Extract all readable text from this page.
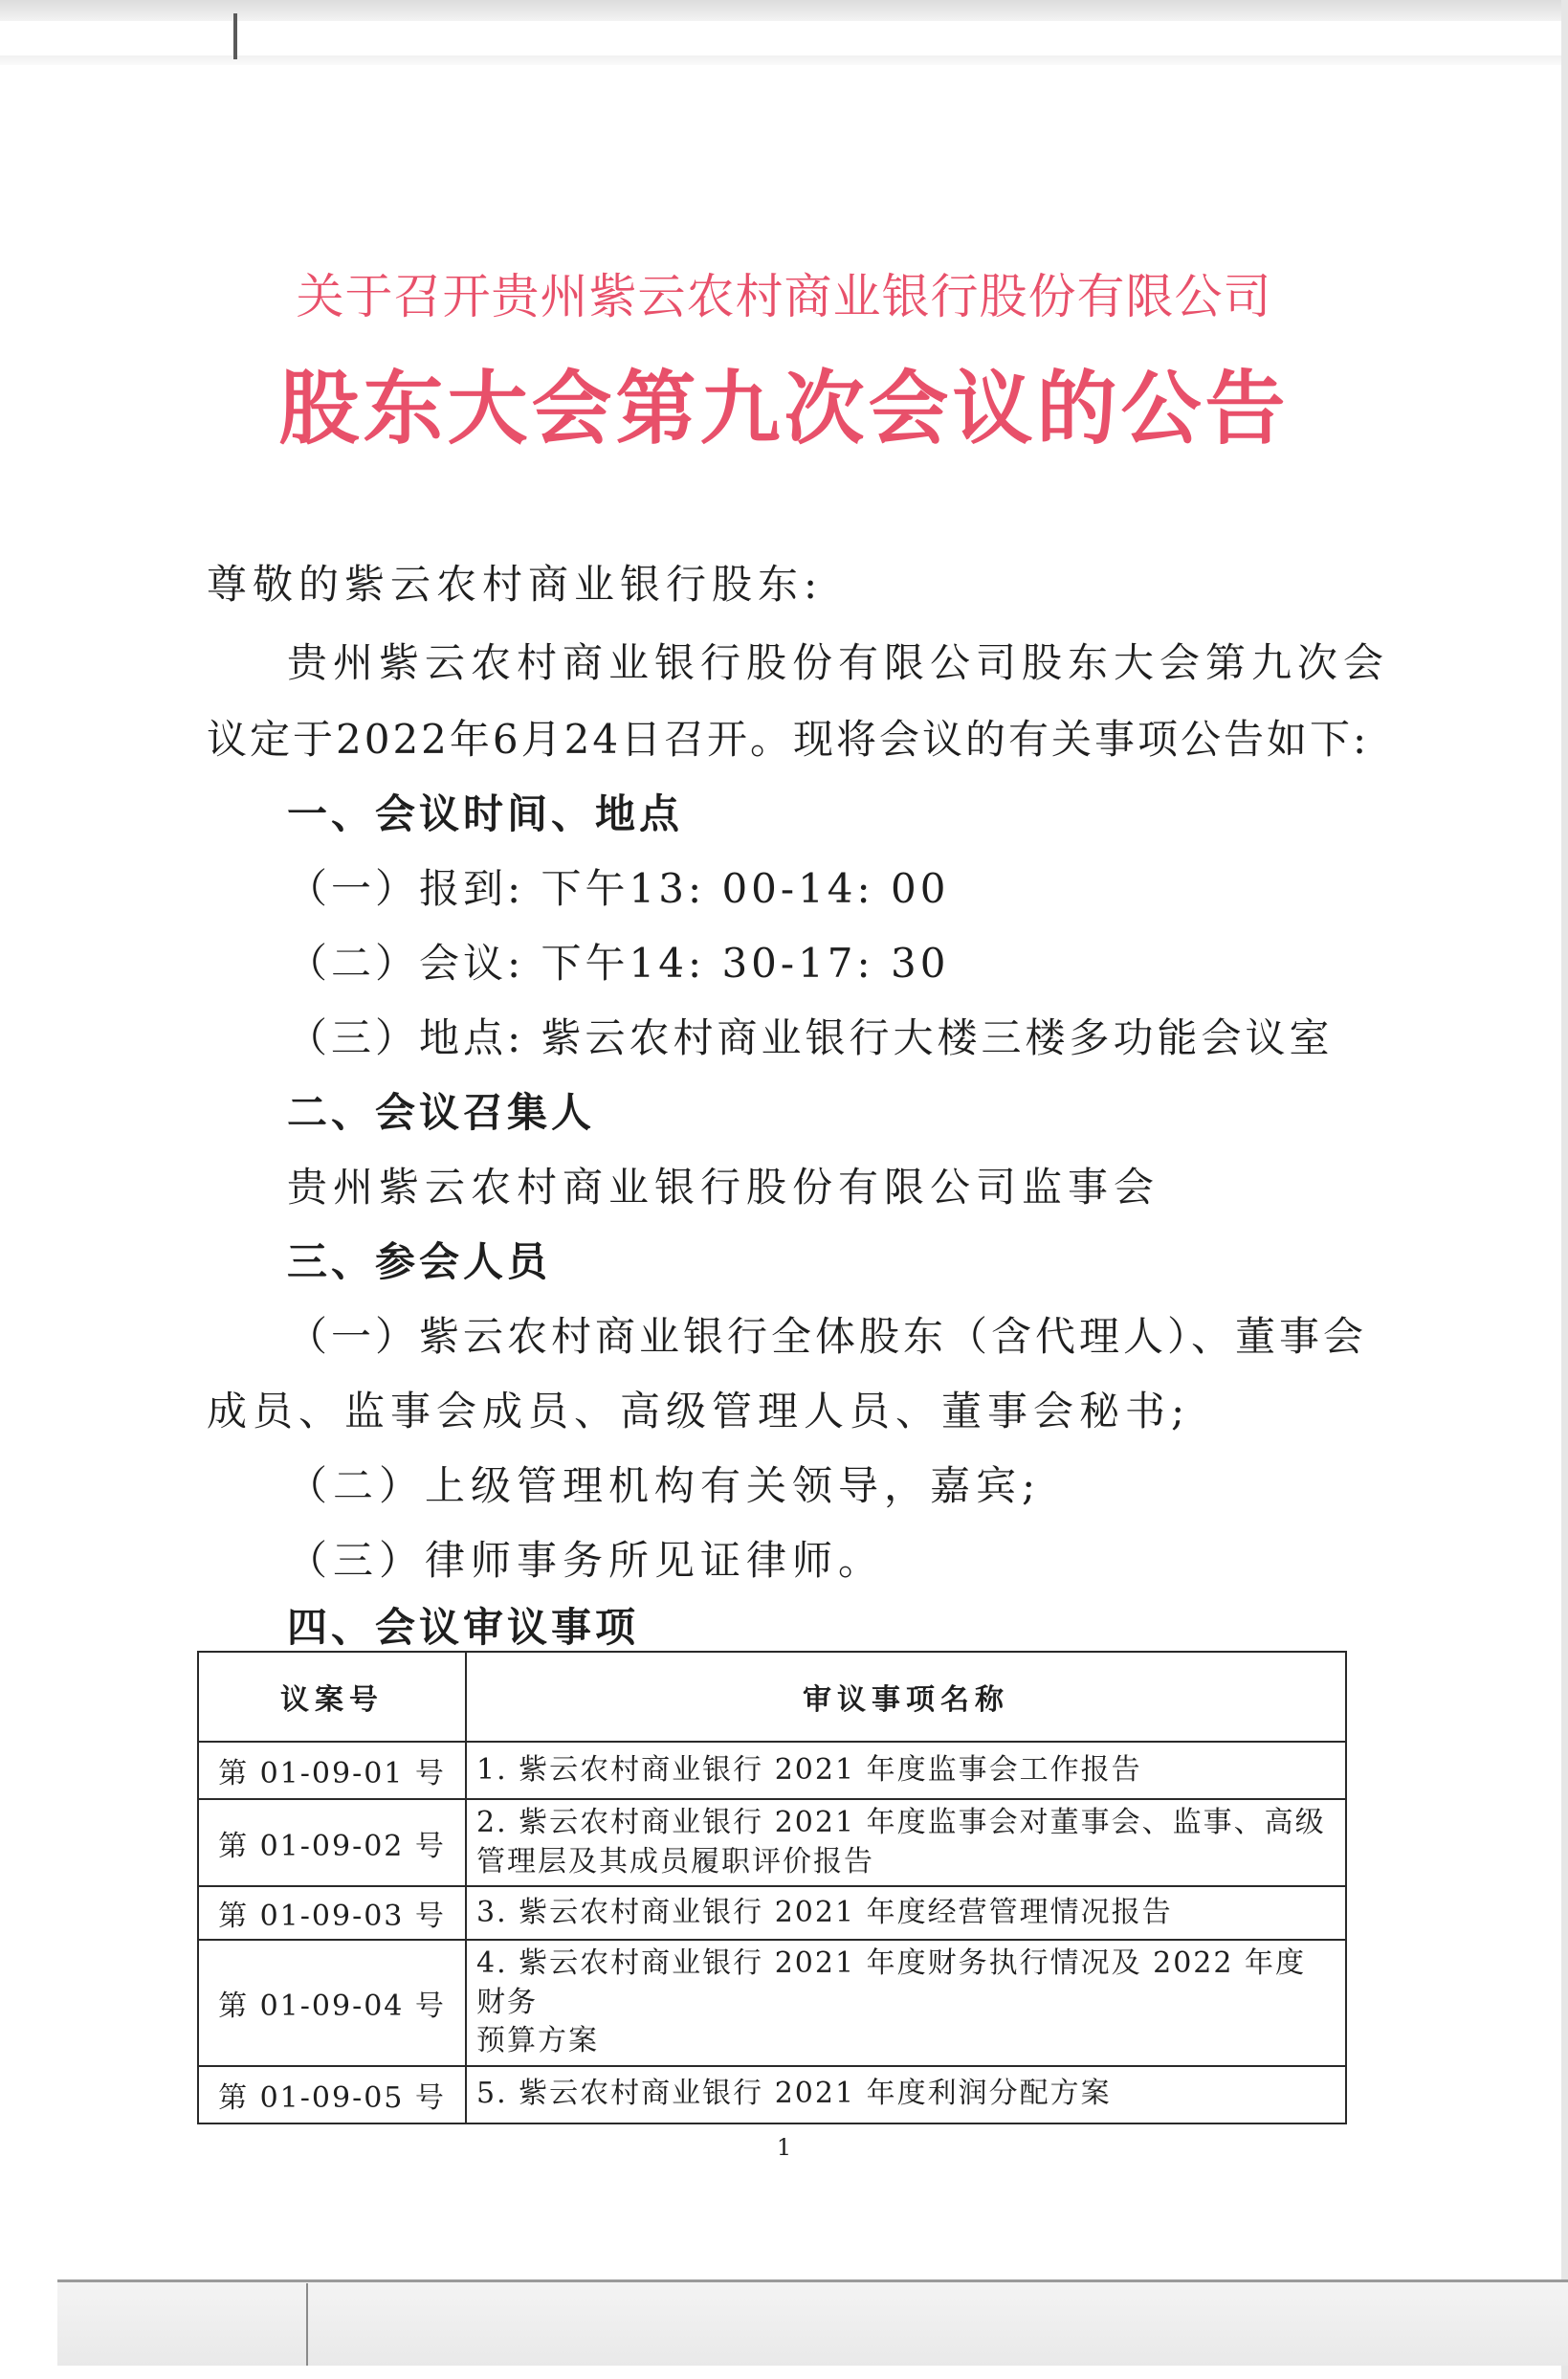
关于召开贵州紫云农村商业银行股份有限公司
股东大会第九次会议的公告
尊敬的紫云农村商业银行股东:
贵州紫云农村商业银行股份有限公司股东大会第九次会
议定于2022年6月24日召开。现将会议的有关事项公告如下:
一、会议时间、地点
（一）报到: 下午13: 00-14: 00
（二）会议: 下午14: 30-17: 30
（三）地点: 紫云农村商业银行大楼三楼多功能会议室
二、会议召集人
贵州紫云农村商业银行股份有限公司监事会
三、参会人员
（一）紫云农村商业银行全体股东（含代理人）、董事会
成员、监事会成员、高级管理人员、董事会秘书;
（二）上级管理机构有关领导，嘉宾;
（三）律师事务所见证律师。
四、会议审议事项
议案号	审议事项名称
第 01-09-01 号	1. 紫云农村商业银行 2021 年度监事会工作报告
第 01-09-02 号	2. 紫云农村商业银行 2021 年度监事会对董事会、监事、高级
管理层及其成员履职评价报告
第 01-09-03 号	3. 紫云农村商业银行 2021 年度经营管理情况报告
第 01-09-04 号	4. 紫云农村商业银行 2021 年度财务执行情况及 2022 年度财务
预算方案
第 01-09-05 号	5. 紫云农村商业银行 2021 年度利润分配方案
1
